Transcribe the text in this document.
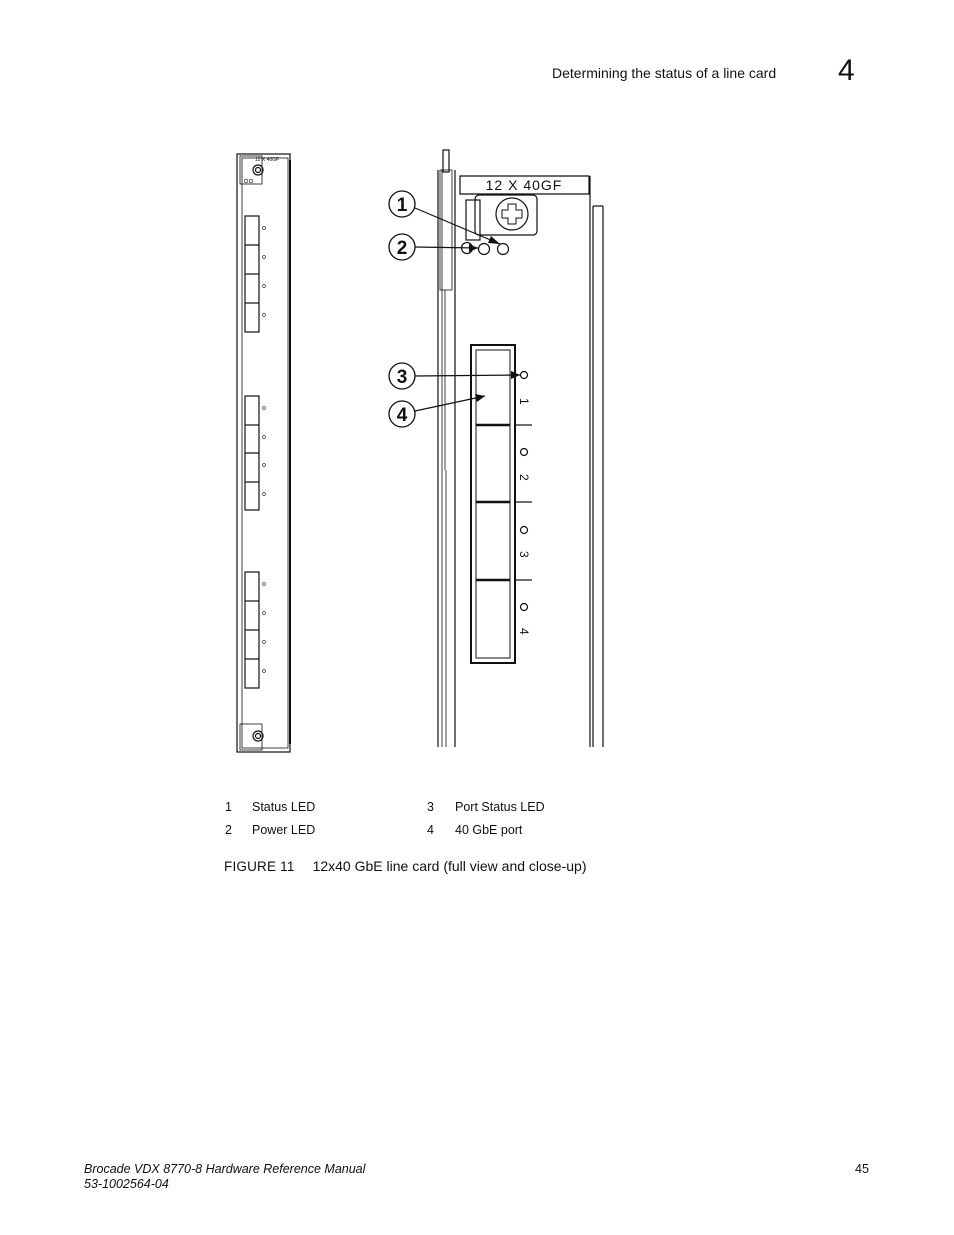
Determining the status of a line card 4
1
2
3
4
12 X 40GF
12 X 40GF
1
2
3
4
1 Status LED
2 Power LED
3 Port Status LED
4 40 GbE port
FIGURE 11 12x40 GbE line card (full view and close-up)
Brocade VDX 8770-8 Hardware Reference Manual
53-1002564-04
45
